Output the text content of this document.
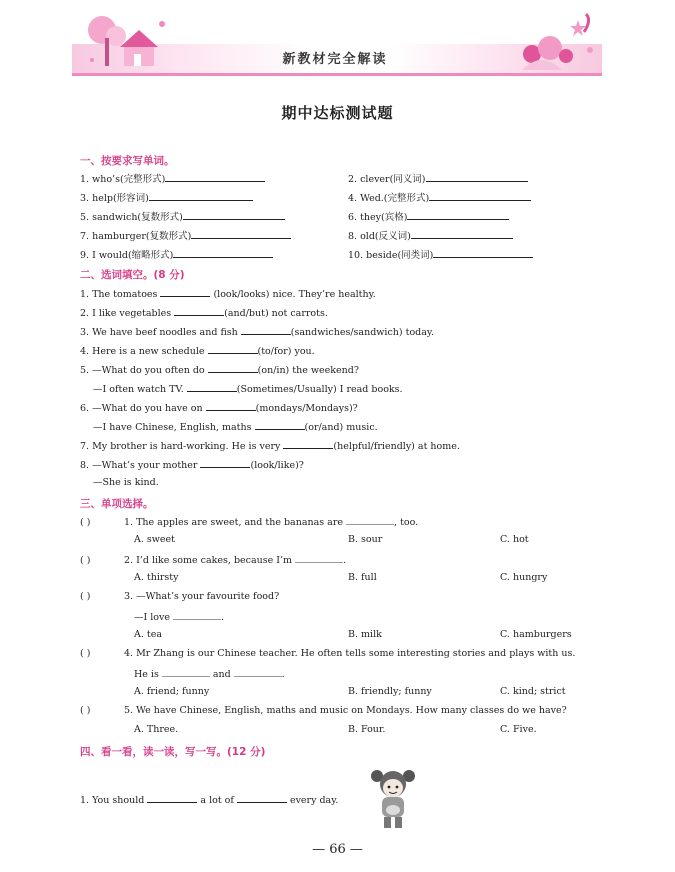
新教材完全解读
期中达标测试题
一、按要求写单词。
1. who’s(完整形式)	2. clever(同义词)
3. help(形容词)	4. Wed.(完整形式)
5. sandwich(复数形式)	6. they(宾格)
7. hamburger(复数形式)	8. old(反义词)
9. I would(缩略形式)	10. beside(同类词)
二、选词填空。(8 分)
1. The tomatoes	(look/looks) nice. They’re healthy.
2. I like vegetables	(and/but) not carrots.
3. We have beef noodles and fish	(sandwiches/sandwich) today.
4. Here is a new schedule	(to/for) you.
5. —What do you often do	(on/in) the weekend?
—I often watch TV.	(Sometimes/Usually) I read books.
6. —What do you have on	(mondays/Mondays)?
—I have Chinese, English, maths	(or/and) music.
7. My brother is hard-working. He is very	(helpful/friendly) at home.
8. —What’s your mother	(look/like)?
—She is kind.
三、单项选择。
( )	1. The apples are sweet, and the bananas are	, too.
A. sweet	B. sour	C. hot
( )	2. I’d like some cakes, because I’m	.
A. thirsty	B. full	C. hungry
( )	3. —What’s your favourite food?
—I love	.
A. tea	B. milk	C. hamburgers
( )	4. Mr Zhang is our Chinese teacher. He often tells some interesting stories and plays with us.
He is	and	.
A. friend; funny	B. friendly; funny	C. kind; strict
( )	5. We have Chinese, English, maths and music on Mondays. How many classes do we have?
A. Three.	B. Four.	C. Five.
四、看一看，读一读，写一写。(12 分)
1. You should	a lot of	every day.
— 66 —
